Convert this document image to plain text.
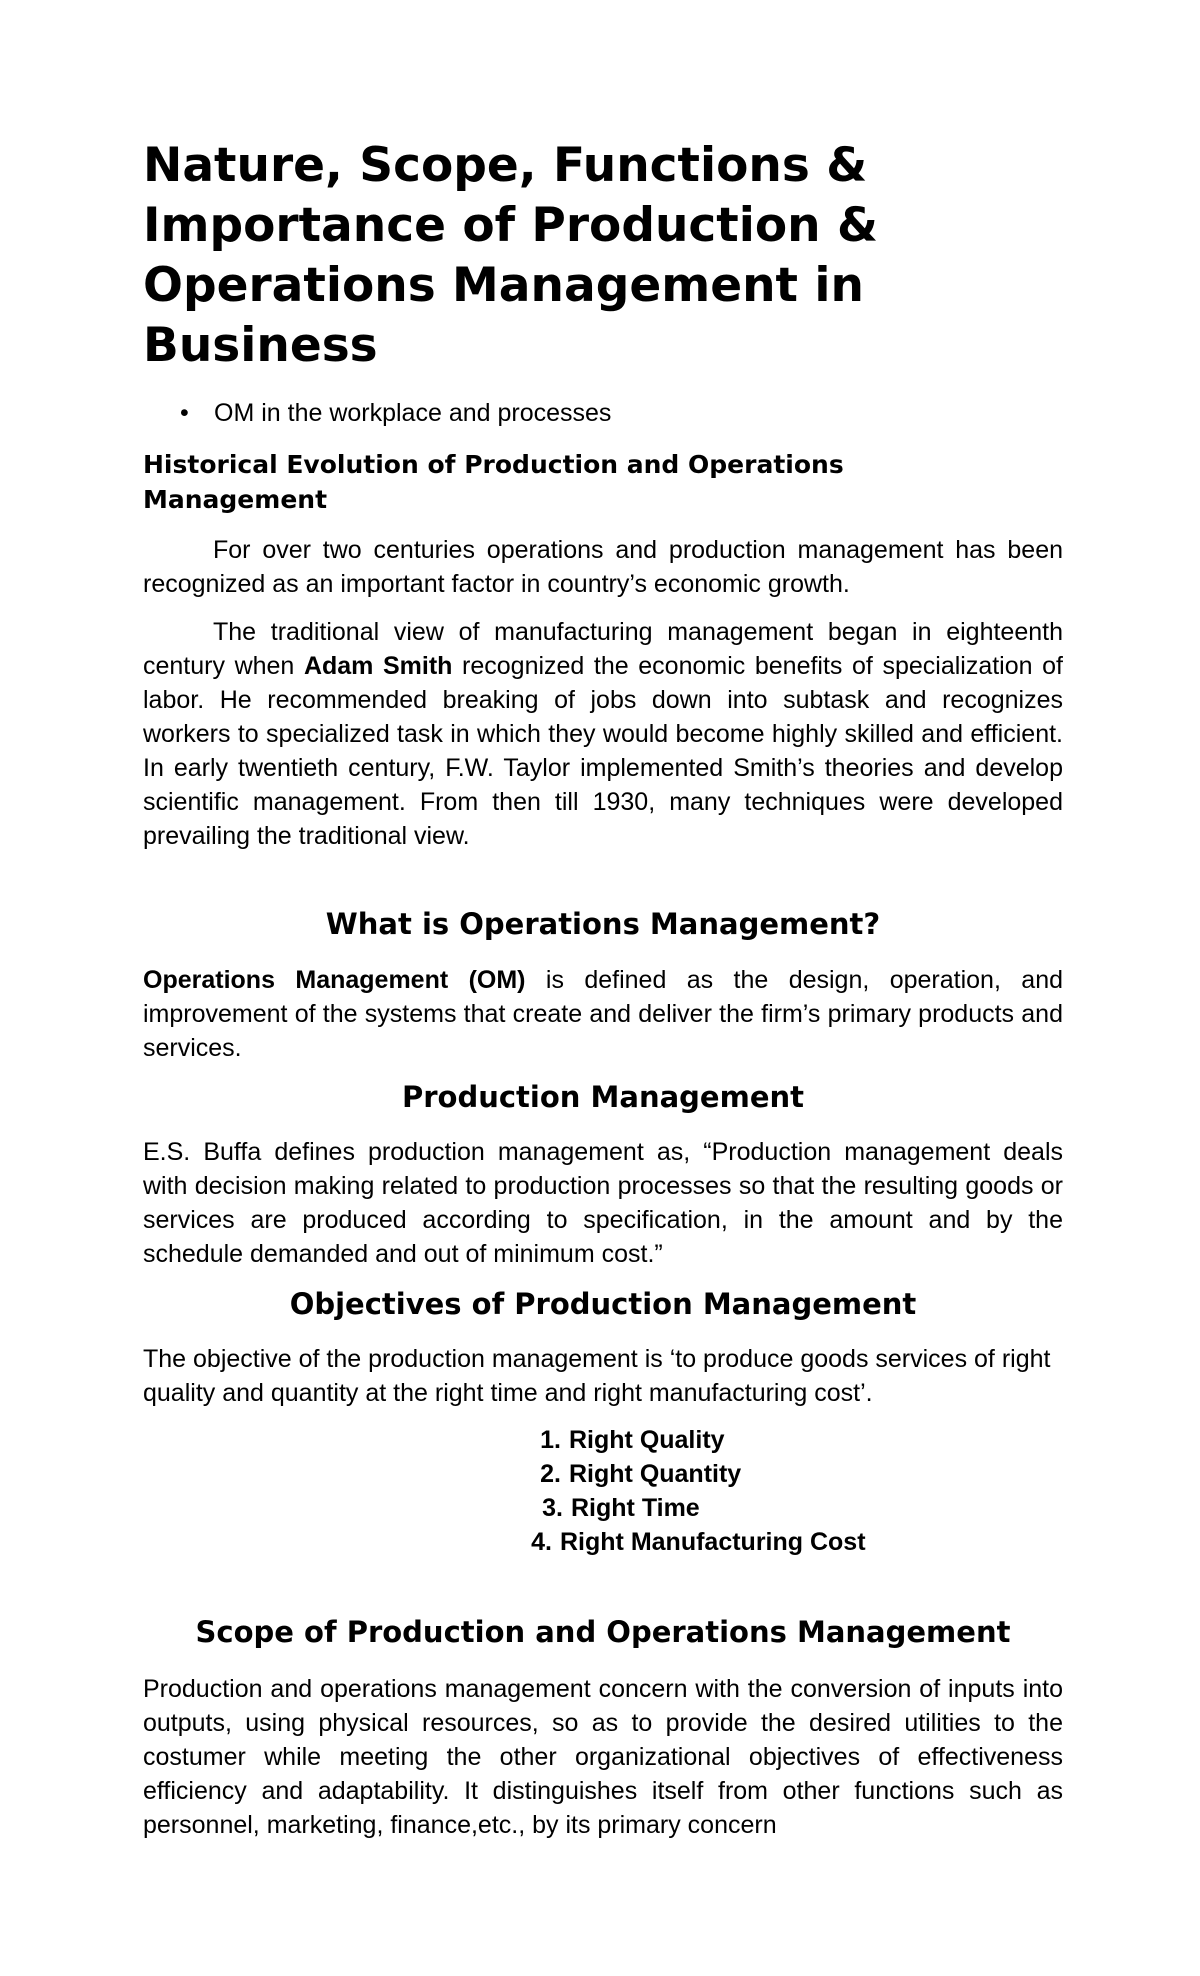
Nature, Scope, Functions &
Importance of Production &
Operations Management in
Business
• OM in the workplace and processes
Historical Evolution of Production and Operations Management

For over two centuries operations and production management has been recognized as an important factor in country’s economic growth.

The traditional view of manufacturing management began in eighteenth century when Adam Smith recognized the economic benefits of specialization of labor. He recommended breaking of jobs down into subtask and recognizes workers to specialized task in which they would become highly skilled and efficient. In early twentieth century, F.W. Taylor implemented Smith’s theories and develop scientific management. From then till 1930, many techniques were developed prevailing the traditional view.

What is Operations Management?

Operations Management (OM) is defined as the design, operation, and improvement of the systems that create and deliver the firm’s primary products and services.

Production Management

E.S. Buffa defines production management as, “Production management deals with decision making related to production processes so that the resulting goods or services are produced according to specification, in the amount and by the schedule demanded and out of minimum cost.”

Objectives of Production Management

The objective of the production management is ‘to produce goods services of right quality and quantity at the right time and right manufacturing cost’.

1. Right Quality
2. Right Quantity
3. Right Time
4. Right Manufacturing Cost
Scope of Production and Operations Management

Production and operations management concern with the conversion of inputs into outputs, using physical resources, so as to provide the desired utilities to the costumer while meeting the other organizational objectives of effectiveness efficiency and adaptability. It distinguishes itself from other functions such as personnel, marketing, finance,etc., by its primary concern
